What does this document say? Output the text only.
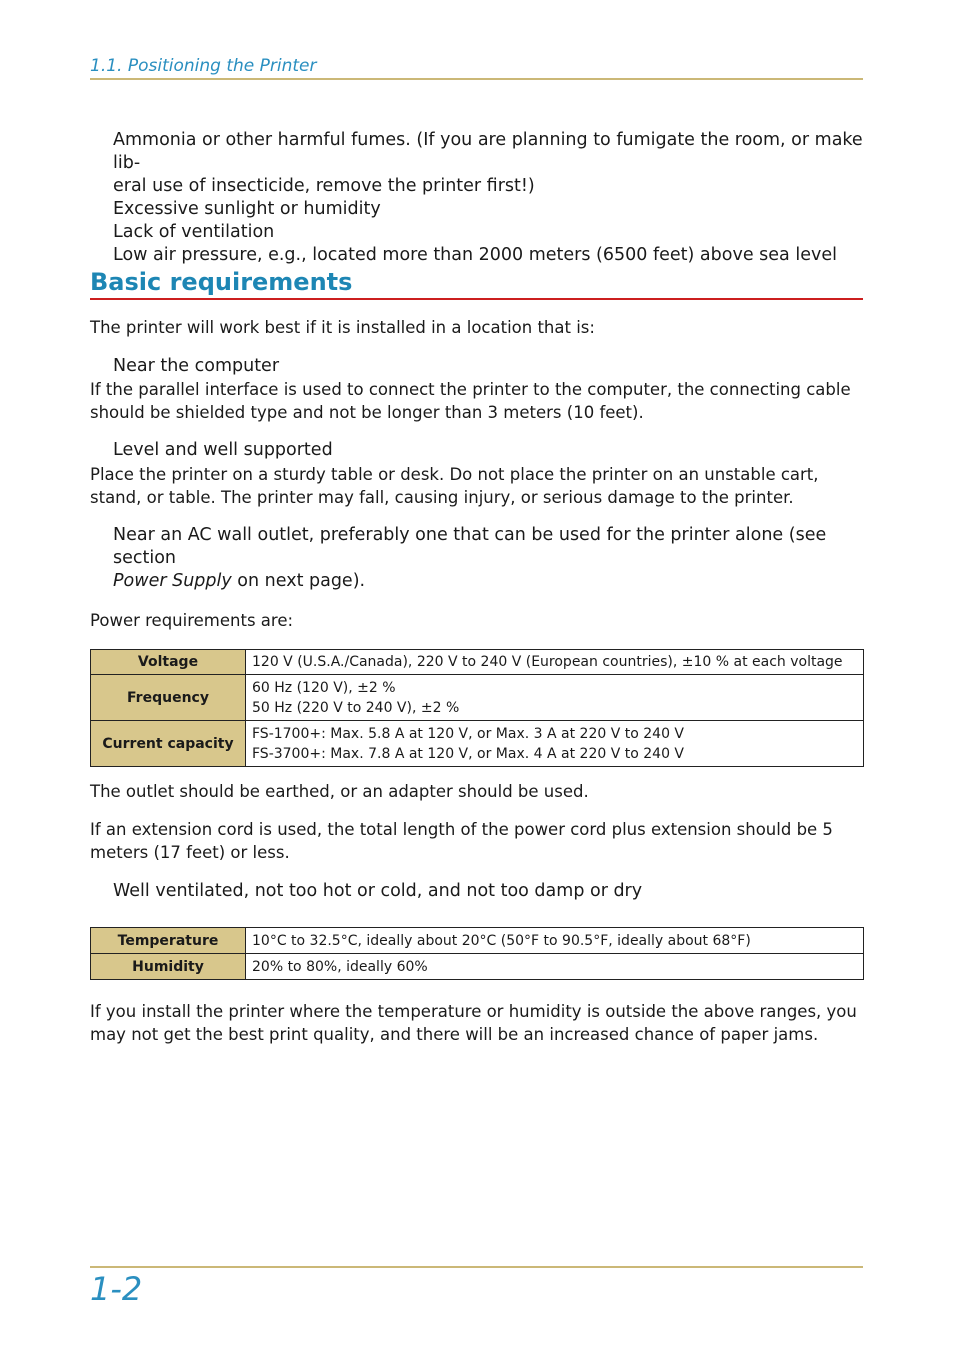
1.1. Positioning the Printer
Ammonia or other harmful fumes. (If you are planning to fumigate the room, or make lib-
eral use of insecticide, remove the printer first!)
Excessive sunlight or humidity
Lack of ventilation
Low air pressure, e.g., located more than 2000 meters (6500 feet) above sea level
Basic requirements
The printer will work best if it is installed in a location that is:
Near the computer
If the parallel interface is used to connect the printer to the computer, the connecting cable should be shielded type and not be longer than 3 meters (10 feet).
Level and well supported
Place the printer on a sturdy table or desk. Do not place the printer on an unstable cart, stand, or table. The printer may fall, causing injury, or serious damage to the printer.
Near an AC wall outlet, preferably one that can be used for the printer alone (see section
Power Supply on next page).
Power requirements are:
Voltage	120 V (U.S.A./Canada), 220 V to 240 V (European countries), ±10 % at each voltage
Frequency	60 Hz (120 V), ±2 %
50 Hz (220 V to 240 V), ±2 %

Current capacity	FS-1700+: Max. 5.8 A at 120 V, or Max. 3 A at 220 V to 240 V
FS-3700+: Max. 7.8 A at 120 V, or Max. 4 A at 220 V to 240 V
The outlet should be earthed, or an adapter should be used.
If an extension cord is used, the total length of the power cord plus extension should be 5 meters (17 feet) or less.
Well ventilated, not too hot or cold, and not too damp or dry
Temperature	10°C to 32.5°C, ideally about 20°C (50°F to 90.5°F, ideally about 68°F)
Humidity	20% to 80%, ideally 60%
If you install the printer where the temperature or humidity is outside the above ranges, you may not get the best print quality, and there will be an increased chance of paper jams.
1-2
